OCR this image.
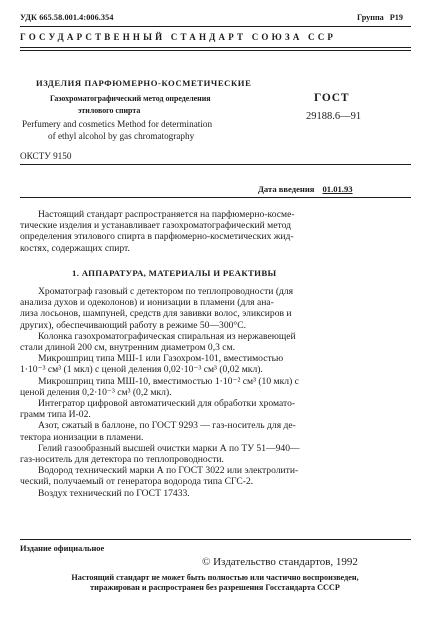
УДК 665.58.001.4:006.354	Группа Р19
ГОСУДАРСТВЕННЫЙ СТАНДАРТ СОЮЗА ССР
ИЗДЕЛИЯ ПАРФЮМЕРНО-КОСМЕТИЧЕСКИЕ
Газохроматографический метод определения
этилового спирта
Perfumery and cosmetics Method for determination
of ethyl alcohol by gas chromatography
ГОСТ
29188.6—91
ОКСТУ 9150
Дата введения 01.01.93
Настоящий стандарт распространяется на парфюмерно-космe-
тические изделия и устанавливает газохроматографический метод
определения этилового спирта в парфюмерно-косметических жид-
костях, содержащих спирт.
1. АППАРАТУРА, МАТЕРИАЛЫ И РЕАКТИВЫ
Хроматограф газовый с детектором по теплопроводности (для
анализа духов и одеколонов) и ионизации в пламени (для ана-
лиза лосьонов, шампуней, средств для завивки волос, эликсиров и
других), обеспечивающий работу в режиме 50—300°С.
Колонка газохроматографическая спиральная из нержавеющей
стали длиной 200 см, внутренним диаметром 0,3 см.
Микрошприц типа МШ-1 или Газохром-101, вместимостью
1·10⁻³ см³ (1 мкл) с ценой деления 0,02·10⁻³ см³ (0,02 мкл).
Микрошприц типа МШ-10, вместимостью 1·10⁻² см³ (10 мкл) с
ценой деления 0,2·10⁻³ см³ (0,2 мкл).
Интегратор цифровой автоматический для обработки хромато-
грамм типа И-02.
Азот, сжатый в баллоне, по ГОСТ 9293 — газ-носитель для де-
тектора ионизации в пламени.
Гелий газообразный высшей очистки марки А по ТУ 51—940—
газ-носитель для детектора по теплопроводности.
Водород технический марки А по ГОСТ 3022 или электролити-
ческий, получаемый от генератора водорода типа СГС-2.
Воздух технический по ГОСТ 17433.
Издание официальное
© Издательство стандартов, 1992
Настоящий стандарт не может быть полностью или частично воспроизведен,
тиражирован и распространен без разрешения Госстандарта СССР
